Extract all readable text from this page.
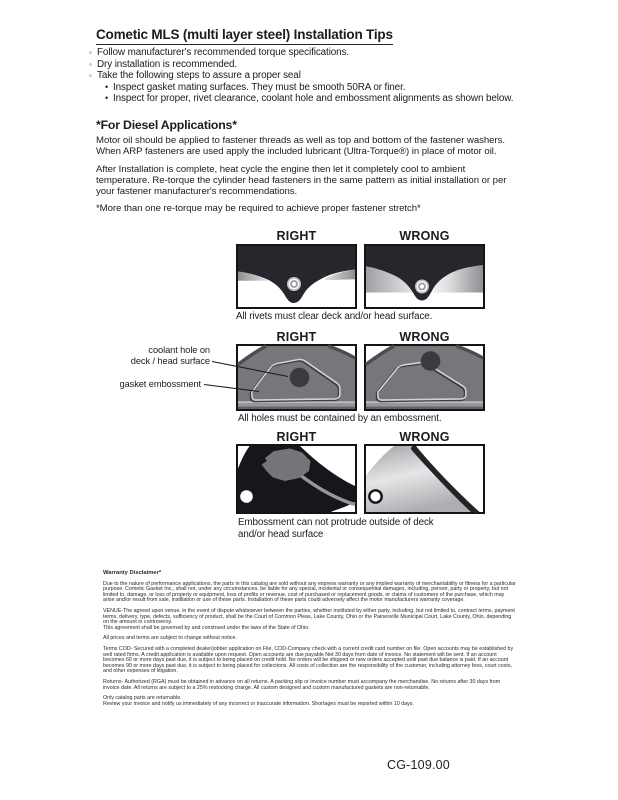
Cometic MLS (multi layer steel) Installation Tips
◦ Follow manufacturer's recommended torque specifications.
◦ Dry installation is recommended.
◦ Take the following steps to assure a proper seal
• Inspect gasket mating surfaces. They must be smooth 50RA or finer.
• Inspect for proper, rivet clearance, coolant hole and embossment alignments as shown below.
*For Diesel Applications*

Motor oil should be applied to fastener threads as well as top and bottom of the fastener washers. When ARP fasteners are used apply the included lubricant (Ultra-Torque®) in place of motor oil.

After Installation is complete, heat cycle the engine then let it completely cool to ambient temperature. Re-torque the cylinder head fasteners in the same pattern as initial installation or per your fastener manufacturer's recommendations.

*More than one re-torque may be required to achieve proper fastener stretch*

RIGHT	WRONG
All rivets must clear deck and/or head surface.
RIGHT	WRONG
coolant hole on
deck / head surface
gasket embossment
All holes must be contained by an embossment.
RIGHT	WRONG
Embossment can not protrude outside of deck
and/or head surface
Warranty Disclaimer*

Due to the nature of performance applications, the parts in this catalog are sold without any express warranty or any implied warranty of merchantability or fitness for a particular purpose. Cometic Gasket Inc., shall not, under any circumstances, be liable for any special, incidental or consequential damages, including, person, party or property, but not limited to, damage, or loss of property or equipment, loss of profits or revenue, cost of purchased or replacement goods, or claims of customers of the purchase, which may arise and/or result from sale, instillation or use of these parts. Installation of these parts could adversely affect the motor manufacturers warranty coverage.

VENUE-The agreed upon venue, in the event of dispute whatsoever between the parties, whether instituted by either party, including, but not limited to, contract terms, payment terms, delivery, type, defects, sufficiency of product, shall be the Court of Common Pleas, Lake County, Ohio or the Painesville Municipal Court, Lake County, Ohio, depending on the amount in controversy.

This agreement shall be governed by and construed under the laws of the State of Ohio.

All prices and terms are subject to change without notice.

Terms COD- Secured with a completed dealer/jobber application on File, COD-Company check with a current credit card number on file. Open accounts may be established by well rated firms. A credit application is available upon request. Open accounts are due payable Net 30 days from date of invoice. No statement will be sent. If an account becomes 60 or more days past due, it is subject to being placed on credit hold. No orders will be shipped or new orders accepted until past due balance is paid. If an account becomes 90 or more days past due, it is subject to being placed for collections. All costs of collection are the responsibility of the customer, including attorney fees, court costs, and other expenses of litigation.

Returns- Authorized (RGA) must be obtained in advance on all returns. A packing slip or invoice number must accompany the merchandise. No returns after 30 days from invoice date. All returns are subject to a 25% restocking charge. All custom designed and custom manufactured gaskets are non-returnable.

Only catalog parts are returnable.

Review your invoice and notify us immediately of any incorrect or inaccurate information. Shortages must be reported within 10 days.

CG-109.00
